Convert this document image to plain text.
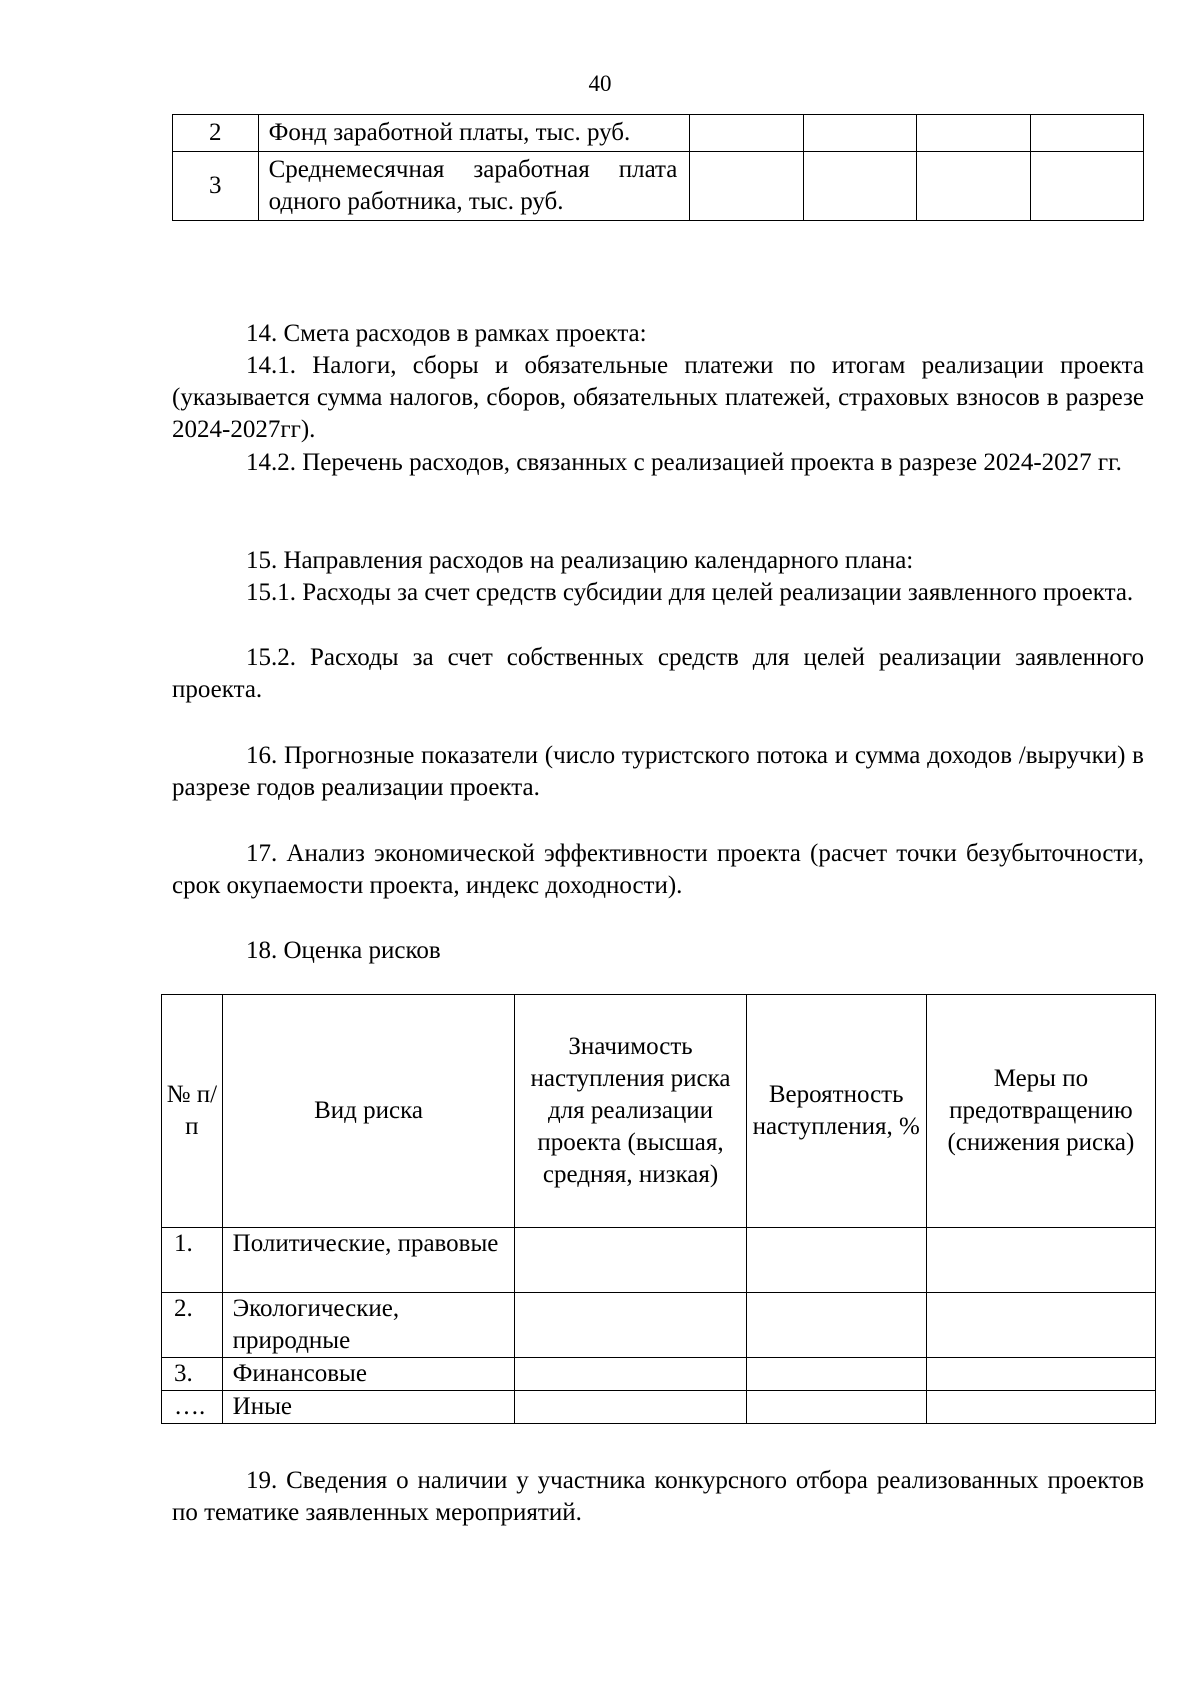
40
2	Фонд заработной платы, тыс. руб.				
3	Среднемесячная заработная плата одного работника, тыс. руб.				

14. Смета расходов в рамках проекта:

14.1. Налоги, сборы и обязательные платежи по итогам реализации проекта (указывается сумма налогов, сборов, обязательных платежей, страховых взносов в разрезе 2024-2027гг).

14.2. Перечень расходов, связанных с реализацией проекта в разрезе 2024-2027 гг.

15. Направления расходов на реализацию календарного плана:

15.1. Расходы за счет средств субсидии для целей реализации заявленного проекта.

15.2. Расходы за счет собственных средств для целей реализации заявленного проекта.

16. Прогнозные показатели (число туристского потока и сумма доходов /выручки) в разрезе годов реализации проекта.

17. Анализ экономической эффективности проекта (расчет точки безубыточности, срок окупаемости проекта, индекс доходности).

18. Оценка рисков

№ п/п	Вид риска	Значимость наступления риска для реализации проекта (высшая, средняя, низкая)	Вероятность наступления, %	Меры по предотвращению (снижения риска)
1.	Политические, правовые			
2.	Экологические, природные			
3.	Финансовые			
….	Иные			

19. Сведения о наличии у участника конкурсного отбора реализованных проектов по тематике заявленных мероприятий.
